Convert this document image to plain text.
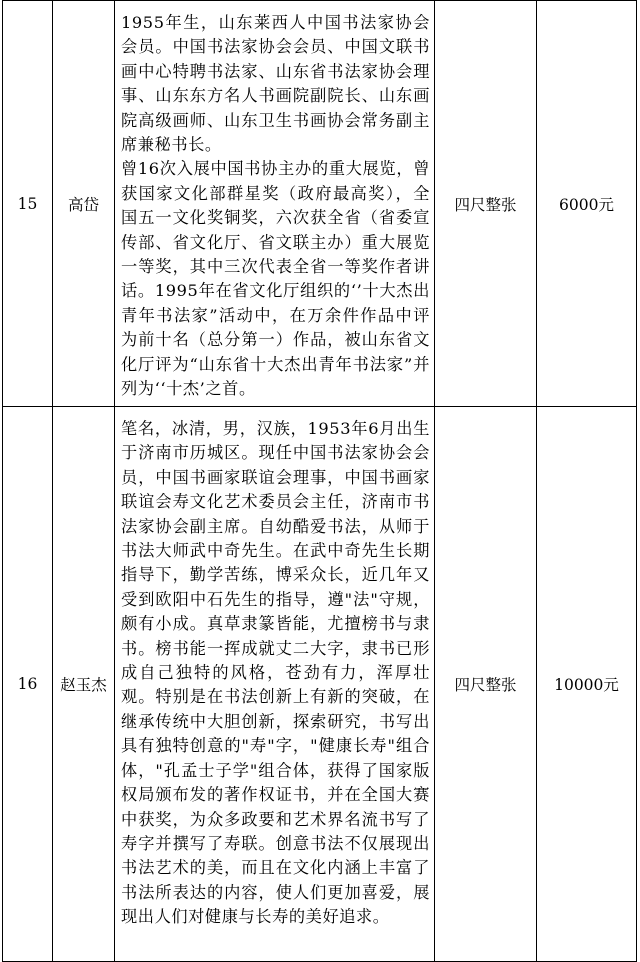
15	高岱	1955年生，山东莱西人中国书法家协会会员。中国书法家协会会员、中国文联书画中心特聘书法家、山东省书法家协会理事、山东东方名人书画院副院长、山东画院高级画师、山东卫生书画协会常务副主席兼秘书长。
曾16次入展中国书协主办的重大展览，曾获国家文化部群星奖（政府最高奖），全国五一文化奖铜奖，六次获全省（省委宣传部、省文化厅、省文联主办）重大展览一等奖，其中三次代表全省一等奖作者讲话。1995年在省文化厅组织的‘’十大杰出青年书法家”活动中，在万余件作品中评为前十名（总分第一）作品，被山东省文化厅评为“山东省十大杰出青年书法家”并列为‘‘十杰’之首。	四尺整张	6000元
16	赵玉杰	笔名，冰清，男，汉族，1953年6月出生于济南市历城区。现任中国书法家协会会员，中国书画家联谊会理事，中国书画家联谊会寿文化艺术委员会主任，济南市书法家协会副主席。自幼酷爱书法，从师于书法大师武中奇先生。在武中奇先生长期指导下，勤学苦练，博采众长，近几年又受到欧阳中石先生的指导，遵"法"守规，颇有小成。真草隶篆皆能，尤擅榜书与隶书。榜书能一挥成就丈二大字，隶书已形成自己独特的风格，苍劲有力，浑厚壮观。特别是在书法创新上有新的突破，在继承传统中大胆创新，探索研究，书写出具有独特创意的"寿"字，"健康长寿"组合体，"孔孟士子学"组合体，获得了国家版权局颁布发的著作权证书，并在全国大赛中获奖，为众多政要和艺术界名流书写了寿字并撰写了寿联。创意书法不仅展现出书法艺术的美，而且在文化内涵上丰富了书法所表达的内容，使人们更加喜爱，展现出人们对健康与长寿的美好追求。	四尺整张	10000元
